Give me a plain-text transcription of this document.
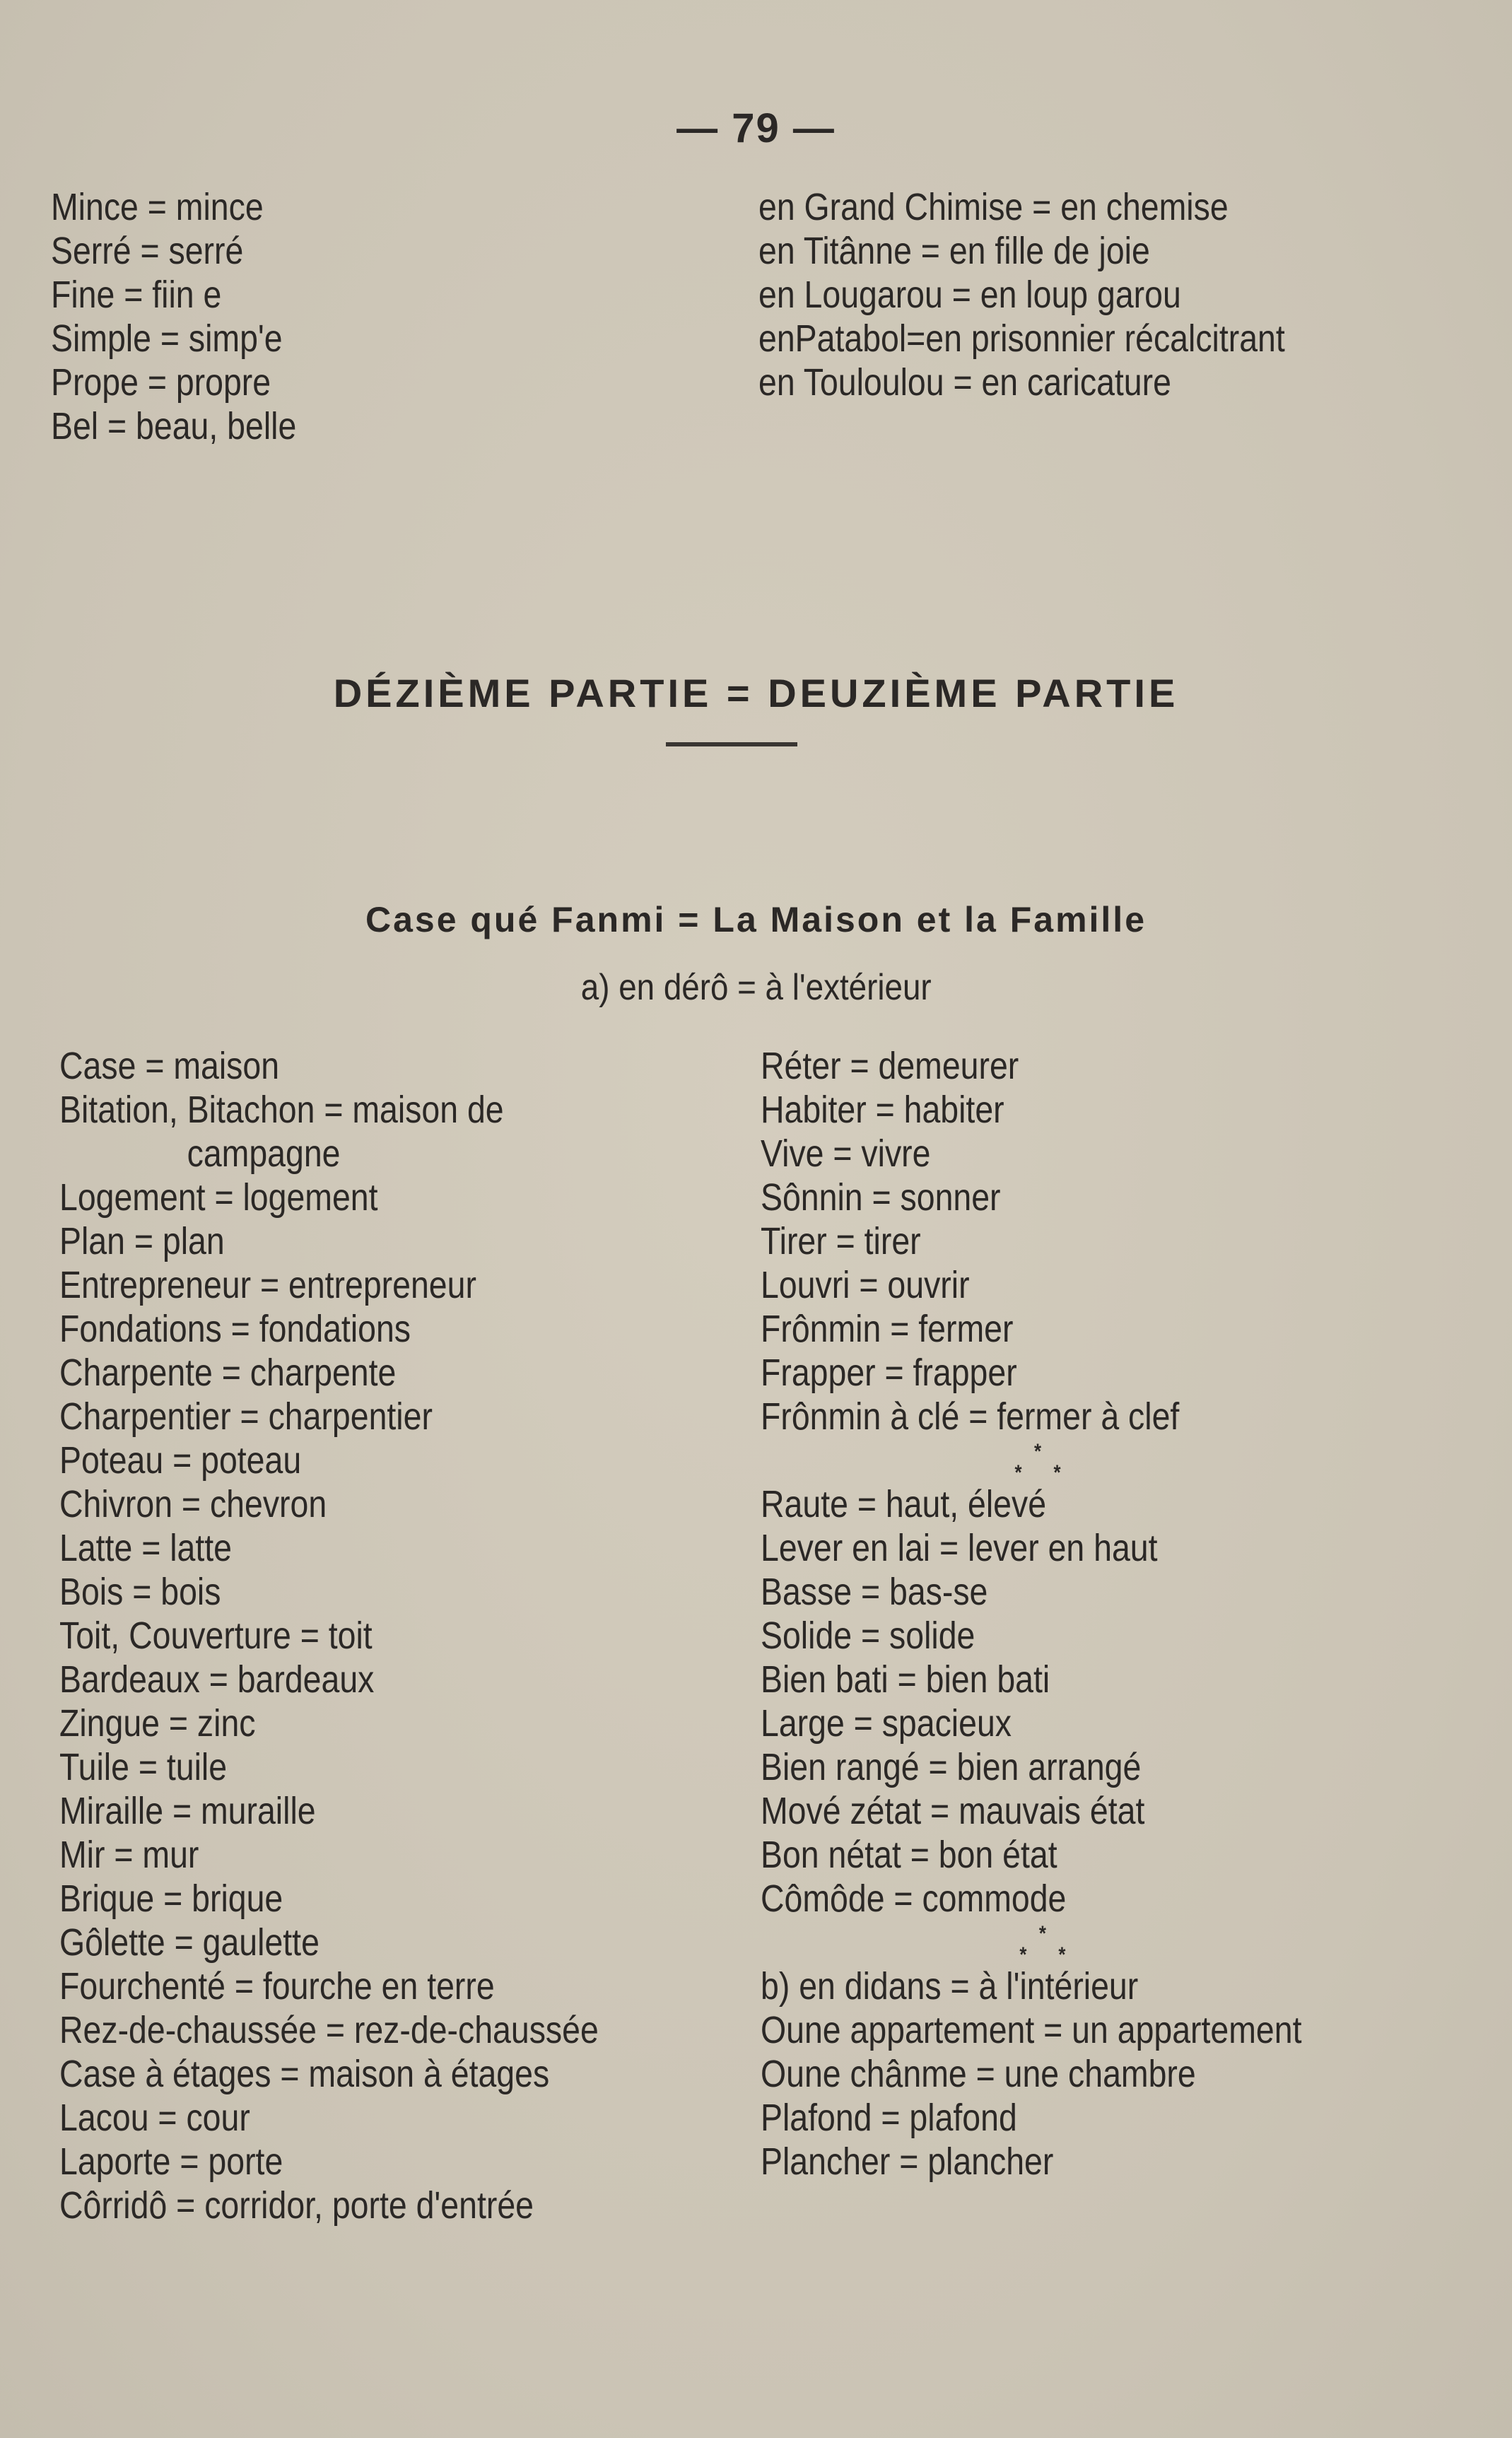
— 79 —
Mince = mince
Serré = serré
Fine = fiin e
Simple = simp'e
Prope = propre
Bel = beau, belle
en Grand Chimise = en chemise
en Titânne = en fille de joie
en Lougarou = en loup garou
enPatabol=en prisonnier récalcitrant
en Touloulou = en caricature
DÉZIÈME PARTIE = DEUZIÈME PARTIE
Case qué Fanmi = La Maison et la Famille
a) en dérô = à l'extérieur
Case = maison
Bitation, Bitachon = maison de
campagne
Logement = logement
Plan = plan
Entrepreneur = entrepreneur
Fondations = fondations
Charpente = charpente
Charpentier = charpentier
Poteau = poteau
Chivron = chevron
Latte = latte
Bois = bois
Toit, Couverture = toit
Bardeaux = bardeaux
Zingue = zinc
Tuile = tuile
Miraille = muraille
Mir = mur
Brique = brique
Gôlette = gaulette
Fourchenté = fourche en terre
Rez-de-chaussée = rez-de-chaussée
Case à étages = maison à étages
Lacou = cour
Laporte = porte
Côrridô = corridor, porte d'entrée
Réter = demeurer
Habiter = habiter
Vive = vivre
Sônnin = sonner
Tirer = tirer
Louvri = ouvrir
Frônmin = fermer
Frapper = frapper
Frônmin à clé = fermer à clef
*
* *
Raute = haut, élevé
Lever en lai = lever en haut
Basse = bas-se
Solide = solide
Bien bati = bien bati
Large = spacieux
Bien rangé = bien arrangé
Mové zétat = mauvais état
Bon nétat = bon état
Cômôde = commode
*
* *
b) en didans = à l'intérieur
Oune appartement = un appartement
Oune chânme = une chambre
Plafond = plafond
Plancher = plancher
